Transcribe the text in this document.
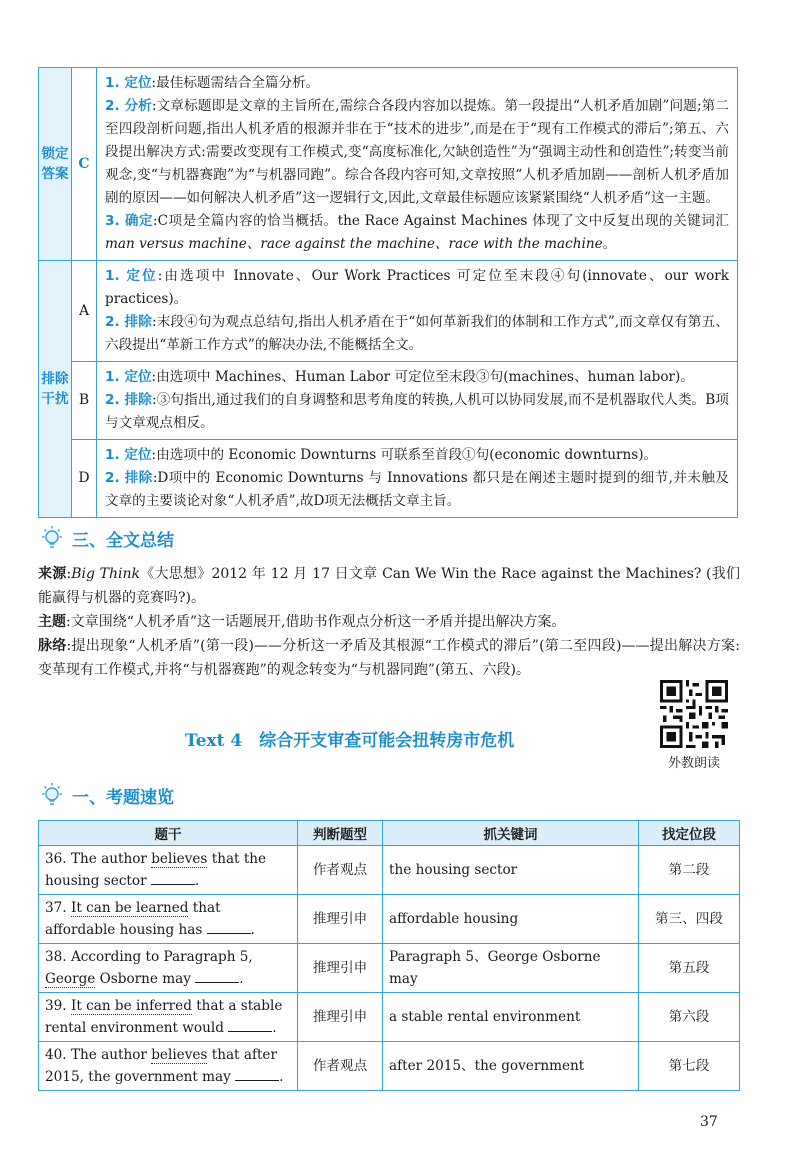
锁定答案	C	1. 定位:最佳标题需结合全篇分析。

2. 分析:文章标题即是文章的主旨所在,需综合各段内容加以提炼。第一段提出“人机矛盾加剧”问题;第二至四段剖析问题,指出人机矛盾的根源并非在于“技术的进步”,而是在于“现有工作模式的滞后”;第五、六段提出解决方式:需要改变现有工作模式,变“高度标准化,欠缺创造性”为“强调主动性和创造性”;转变当前观念,变“与机器赛跑”为“与机器同跑”。综合各段内容可知,文章按照“人机矛盾加剧——剖析人机矛盾加剧的原因——如何解决人机矛盾”这一逻辑行文,因此,文章最佳标题应该紧紧围绕“人机矛盾”这一主题。

3. 确定:C项是全篇内容的恰当概括。the Race Against Machines 体现了文中反复出现的关键词汇 man versus machine、race against the machine、race with the machine。

排除干扰	A	1. 定位:由选项中 Innovate、Our Work Practices 可定位至末段④句(innovate、our work practices)。

2. 排除:末段④句为观点总结句,指出人机矛盾在于“如何革新我们的体制和工作方式”,而文章仅有第五、六段提出“革新工作方式”的解决办法,不能概括全文。

	B	1. 定位:由选项中 Machines、Human Labor 可定位至末段③句(machines、human labor)。

2. 排除:③句指出,通过我们的自身调整和思考角度的转换,人机可以协同发展,而不是机器取代人类。B项与文章观点相反。

	D	1. 定位:由选项中的 Economic Downturns 可联系至首段①句(economic downturns)。

2. 排除:D项中的 Economic Downturns 与 Innovations 都只是在阐述主题时提到的细节,并未触及文章的主要谈论对象“人机矛盾”,故D项无法概括文章主旨。

三、全文总结

来源:Big Think《大思想》2012 年 12 月 17 日文章 Can We Win the Race against the Machines? (我们能赢得与机器的竞赛吗?)。

主题:文章围绕“人机矛盾”这一话题展开,借助书作观点分析这一矛盾并提出解决方案。

脉络:提出现象“人机矛盾”(第一段)——分析这一矛盾及其根源“工作模式的滞后”(第二至四段)——提出解决方案:变革现有工作模式,并将“与机器赛跑”的观念转变为“与机器同跑”(第五、六段)。

Text 4　综合开支审查可能会扭转房市危机
外教朗读
一、考题速览
题干	判断题型	抓关键词	找定位段
36. The author believes that the housing sector .	作者观点	the housing sector	第二段
37. It can be learned that affordable housing has .	推理引申	affordable housing	第三、四段
38. According to Paragraph 5, George Osborne may .	推理引申	Paragraph 5、George Osborne may	第五段
39. It can be inferred that a stable rental environment would .	推理引申	a stable rental environment	第六段
40. The author believes that after 2015, the government may .	作者观点	after 2015、the government	第七段
37
